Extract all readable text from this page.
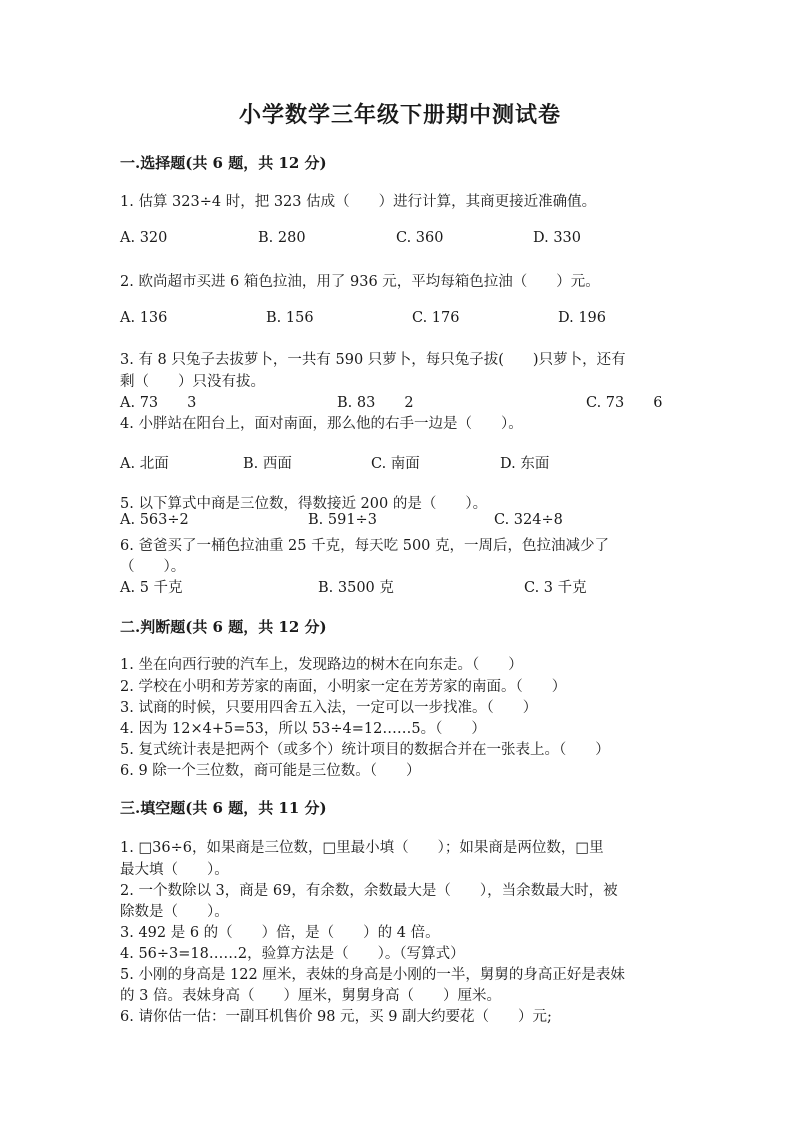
小学数学三年级下册期中测试卷
一.选择题(共 6 题，共 12 分)
1. 估算 323÷4 时，把 323 估成（　　）进行计算，其商更接近准确值。
A. 320	B. 280	C. 360	D. 330
2. 欧尚超市买进 6 箱色拉油，用了 936 元，平均每箱色拉油（　　）元。
A. 136	B. 156	C. 176	D. 196
3. 有 8 只兔子去拔萝卜，一共有 590 只萝卜，每只兔子拔(　　)只萝卜，还有
剩（　　）只没有拔。
A. 73　　3	B. 83　　2	C. 73　　6
4. 小胖站在阳台上，面对南面，那么他的右手一边是（　　）。
A. 北面	B. 西面	C. 南面	D. 东面
5. 以下算式中商是三位数，得数接近 200 的是（　　）。
A. 563÷2	B. 591÷3	C. 324÷8
6. 爸爸买了一桶色拉油重 25 千克，每天吃 500 克，一周后，色拉油减少了
（　　）。
A. 5 千克	B. 3500 克	C. 3 千克
二.判断题(共 6 题，共 12 分)
1. 坐在向西行驶的汽车上，发现路边的树木在向东走。（　　）
2. 学校在小明和芳芳家的南面，小明家一定在芳芳家的南面。（　　）
3. 试商的时候，只要用四舍五入法，一定可以一步找准。（　　）
4. 因为 12×4+5=53，所以 53÷4=12……5。（　　）
5. 复式统计表是把两个（或多个）统计项目的数据合并在一张表上。（　　）
6. 9 除一个三位数，商可能是三位数。（　　）
三.填空题(共 6 题，共 11 分)
1. □36÷6，如果商是三位数，□里最小填（　　）；如果商是两位数，□里
最大填（　　）。
2. 一个数除以 3，商是 69，有余数，余数最大是（　　），当余数最大时，被
除数是（　　）。
3. 492 是 6 的（　　）倍，是（　　）的 4 倍。
4. 56÷3=18……2，验算方法是（　　）。（写算式）
5. 小刚的身高是 122 厘米，表妹的身高是小刚的一半，舅舅的身高正好是表妹
的 3 倍。表妹身高（　　）厘米，舅舅身高（　　）厘米。
6. 请你估一估：一副耳机售价 98 元，买 9 副大约要花（　　）元;
